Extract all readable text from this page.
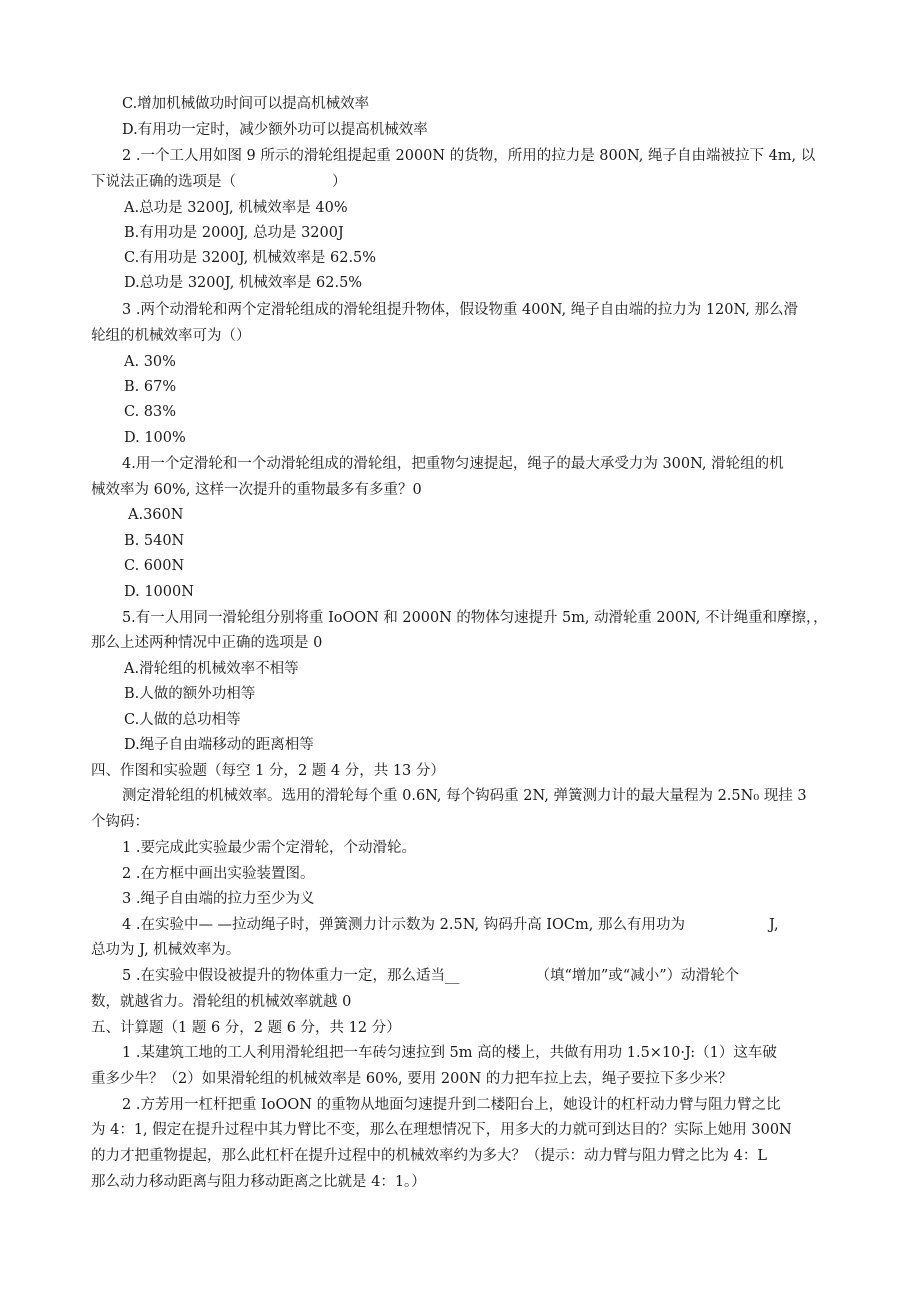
C.增加机械做功时间可以提高机械效率
D.有用功一定时，减少额外功可以提高机械效率
2 .一个工人用如图 9 所示的滑轮组提起重 2000N 的货物，所用的拉力是 800N, 绳子自由端被拉下 4m, 以
下说法正确的选项是（	）
A.总功是 3200J, 机械效率是 40%
B.有用功是 2000J, 总功是 3200J
C.有用功是 3200J, 机械效率是 62.5%
D.总功是 3200J, 机械效率是 62.5%
3 .两个动滑轮和两个定滑轮组成的滑轮组提升物体，假设物重 400N, 绳子自由端的拉力为 120N, 那么滑
轮组的机械效率可为（）
A. 30%
B. 67%
C. 83%
D. 100%
4.用一个定滑轮和一个动滑轮组成的滑轮组，把重物匀速提起，绳子的最大承受力为 300N, 滑轮组的机
械效率为 60%, 这样一次提升的重物最多有多重？0
A.360N
B. 540N
C. 600N
D. 1000N
5.有一人用同一滑轮组分别将重 IoOON 和 2000N 的物体匀速提升 5m, 动滑轮重 200N, 不计绳重和摩擦，，
那么上述两种情况中正确的选项是 0
A.滑轮组的机械效率不相等
B.人做的额外功相等
C.人做的总功相等
D.绳子自由端移动的距离相等
四、作图和实验题（每空 1 分，2 题 4 分，共 13 分）
测定滑轮组的机械效率。选用的滑轮每个重 0.6N, 每个钩码重 2N, 弹簧测力计的最大量程为 2.5N₀ 现挂 3
个钩码：
1 .要完成此实验最少需个定滑轮，个动滑轮。
2 .在方框中画出实验装置图。
3 .绳子自由端的拉力至少为义
4 .在实验中— —拉动绳子时，弹簧测力计示数为 2.5N, 钩码升高 IOCm, 那么有用功为	J,
总功为 J, 机械效率为。
5 .在实验中假设被提升的物体重力一定，那么适当__	（填“增加”或“减小”）动滑轮个
数，就越省力。滑轮组的机械效率就越 0
五、计算题（1 题 6 分，2 题 6 分，共 12 分）
1 .某建筑工地的工人利用滑轮组把一车砖匀速拉到 5m 高的楼上，共做有用功 1.5×10·J:（1）这车破
重多少牛？（2）如果滑轮组的机械效率是 60%, 要用 200N 的力把车拉上去，绳子要拉下多少米？
2 .方芳用一杠杆把重 IoOON 的重物从地面匀速提升到二楼阳台上，她设计的杠杆动力臂与阻力臂之比
为 4：1, 假定在提升过程中其力臂比不变，那么在理想情况下，用多大的力就可到达目的？实际上她用 300N
的力才把重物提起，那么此杠杆在提升过程中的机械效率约为多大？（提示：动力臂与阻力臂之比为 4：L
那么动力移动距离与阻力移动距离之比就是 4：1。）
